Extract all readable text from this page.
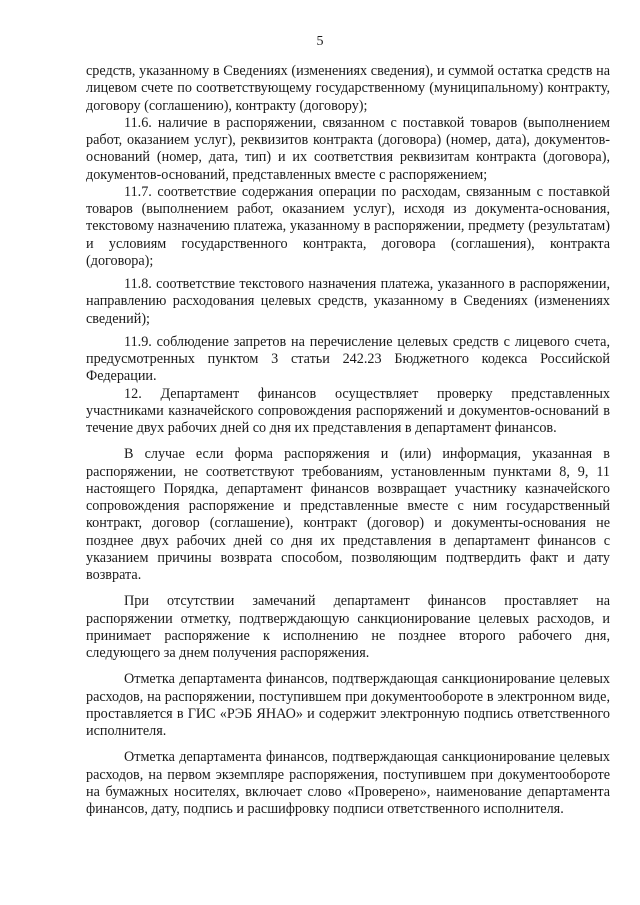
5

средств, указанному в Сведениях (изменениях сведения), и суммой остатка средств на лицевом счете по соответствующему государственному (муниципальному) контракту, договору (соглашению), контракту (договору);

11.6. наличие в распоряжении, связанном с поставкой товаров (выполнением работ, оказанием услуг), реквизитов контракта (договора) (номер, дата), документов-оснований (номер, дата, тип) и их соответствия реквизитам контракта (договора), документов-оснований, представленных вместе с распоряжением;

11.7. соответствие содержания операции по расходам, связанным с поставкой товаров (выполнением работ, оказанием услуг), исходя из документа-основания, текстовому назначению платежа, указанному в распоряжении, предмету (результатам) и условиям государственного контракта, договора (соглашения), контракта (договора);

11.8. соответствие текстового назначения платежа, указанного в распоряжении, направлению расходования целевых средств, указанному в Сведениях (изменениях сведений);

11.9. соблюдение запретов на перечисление целевых средств с лицевого счета, предусмотренных пунктом 3 статьи 242.23 Бюджетного кодекса Российской Федерации.

12. Департамент финансов осуществляет проверку представленных участниками казначейского сопровождения распоряжений и документов-оснований в течение двух рабочих дней со дня их представления в департамент финансов.

В случае если форма распоряжения и (или) информация, указанная в распоряжении, не соответствуют требованиям, установленным пунктами 8, 9, 11 настоящего Порядка, департамент финансов возвращает участнику казначейского сопровождения распоряжение и представленные вместе с ним государственный контракт, договор (соглашение), контракт (договор) и документы-основания не позднее двух рабочих дней со дня их представления в департамент финансов с указанием причины возврата способом, позволяющим подтвердить факт и дату возврата.

При отсутствии замечаний департамент финансов проставляет на распоряжении отметку, подтверждающую санкционирование целевых расходов, и принимает распоряжение к исполнению не позднее второго рабочего дня, следующего за днем получения распоряжения.

Отметка департамента финансов, подтверждающая санкционирование целевых расходов, на распоряжении, поступившем при документообороте в электронном виде, проставляется в ГИС «РЭБ ЯНАО» и содержит электронную подпись ответственного исполнителя.

Отметка департамента финансов, подтверждающая санкционирование целевых расходов, на первом экземпляре распоряжения, поступившем при документообороте на бумажных носителях, включает слово «Проверено», наименование департамента финансов, дату, подпись и расшифровку подписи ответственного исполнителя.
